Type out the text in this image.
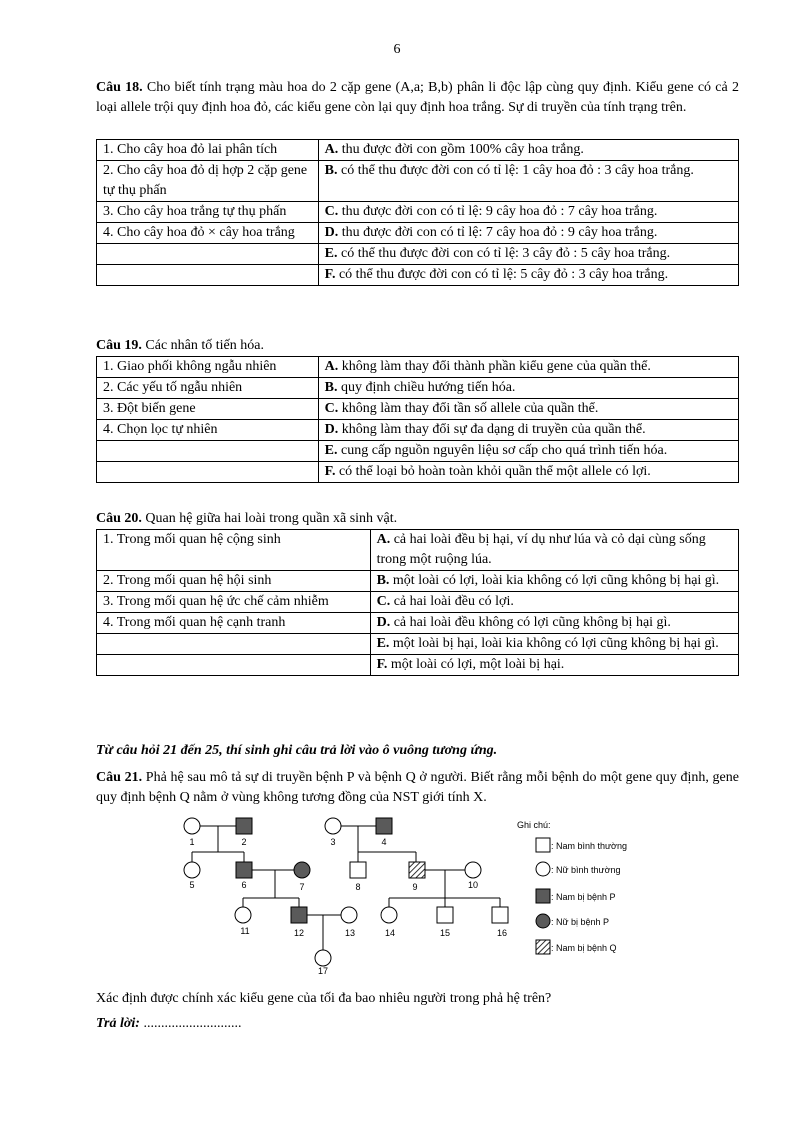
6
Câu 18. Cho biết tính trạng màu hoa do 2 cặp gene (A,a; B,b) phân li độc lập cùng quy định. Kiểu gene có cả 2 loại allele trội quy định hoa đỏ, các kiểu gene còn lại quy định hoa trắng. Sự di truyền của tính trạng trên.
1. Cho cây hoa đỏ lai phân tích	A. thu được đời con gồm 100% cây hoa trắng.
2. Cho cây hoa đỏ dị hợp 2 cặp gene tự thụ phấn	B. có thể thu được đời con có tỉ lệ: 1 cây hoa đỏ : 3 cây hoa trắng.
3. Cho cây hoa trắng tự thụ phấn	C. thu được đời con có tỉ lệ: 9 cây hoa đỏ : 7 cây hoa trắng.
4. Cho cây hoa đỏ × cây hoa trắng	D. thu được đời con có tỉ lệ: 7 cây hoa đỏ : 9 cây hoa trắng.
	E. có thể thu được đời con có tỉ lệ: 3 cây đỏ : 5 cây hoa trắng.
	F. có thể thu được đời con có tỉ lệ: 5 cây đỏ : 3 cây hoa trắng.
Câu 19. Các nhân tố tiến hóa.
1. Giao phối không ngẫu nhiên	A. không làm thay đổi thành phần kiểu gene của quần thể.
2. Các yếu tố ngẫu nhiên	B. quy định chiều hướng tiến hóa.
3. Đột biến gene	C. không làm thay đổi tần số allele của quần thể.
4. Chọn lọc tự nhiên	D. không làm thay đổi sự đa dạng di truyền của quần thể.
	E. cung cấp nguồn nguyên liệu sơ cấp cho quá trình tiến hóa.
	F. có thể loại bỏ hoàn toàn khỏi quần thể một allele có lợi.
Câu 20. Quan hệ giữa hai loài trong quần xã sinh vật.
1. Trong mối quan hệ cộng sinh	A. cả hai loài đều bị hại, ví dụ như lúa và cỏ dại cùng sống trong một ruộng lúa.
2. Trong mối quan hệ hội sinh	B. một loài có lợi, loài kia không có lợi cũng không bị hại gì.
3. Trong mối quan hệ ức chế cảm nhiễm	C. cả hai loài đều có lợi.
4. Trong mối quan hệ cạnh tranh	D. cả hai loài đều không có lợi cũng không bị hại gì.
	E. một loài bị hại, loài kia không có lợi cũng không bị hại gì.
	F. một loài có lợi, một loài bị hại.
Từ câu hỏi 21 đến 25, thí sinh ghi câu trả lời vào ô vuông tương ứng.
Câu 21. Phả hệ sau mô tả sự di truyền bệnh P và bệnh Q ở người. Biết rằng mỗi bệnh do một gene quy định, gene quy định bệnh Q nằm ở vùng không tương đồng của NST giới tính X.
1	2	3	4
5	6	7	8	9	10
11	12	13	14	15	16
17
Ghi chú:
: Nam bình thường
: Nữ bình thường
: Nam bị bệnh P
: Nữ bị bệnh P
: Nam bị bệnh Q
Xác định được chính xác kiểu gene của tối đa bao nhiêu người trong phả hệ trên?
Trả lời: ............................
